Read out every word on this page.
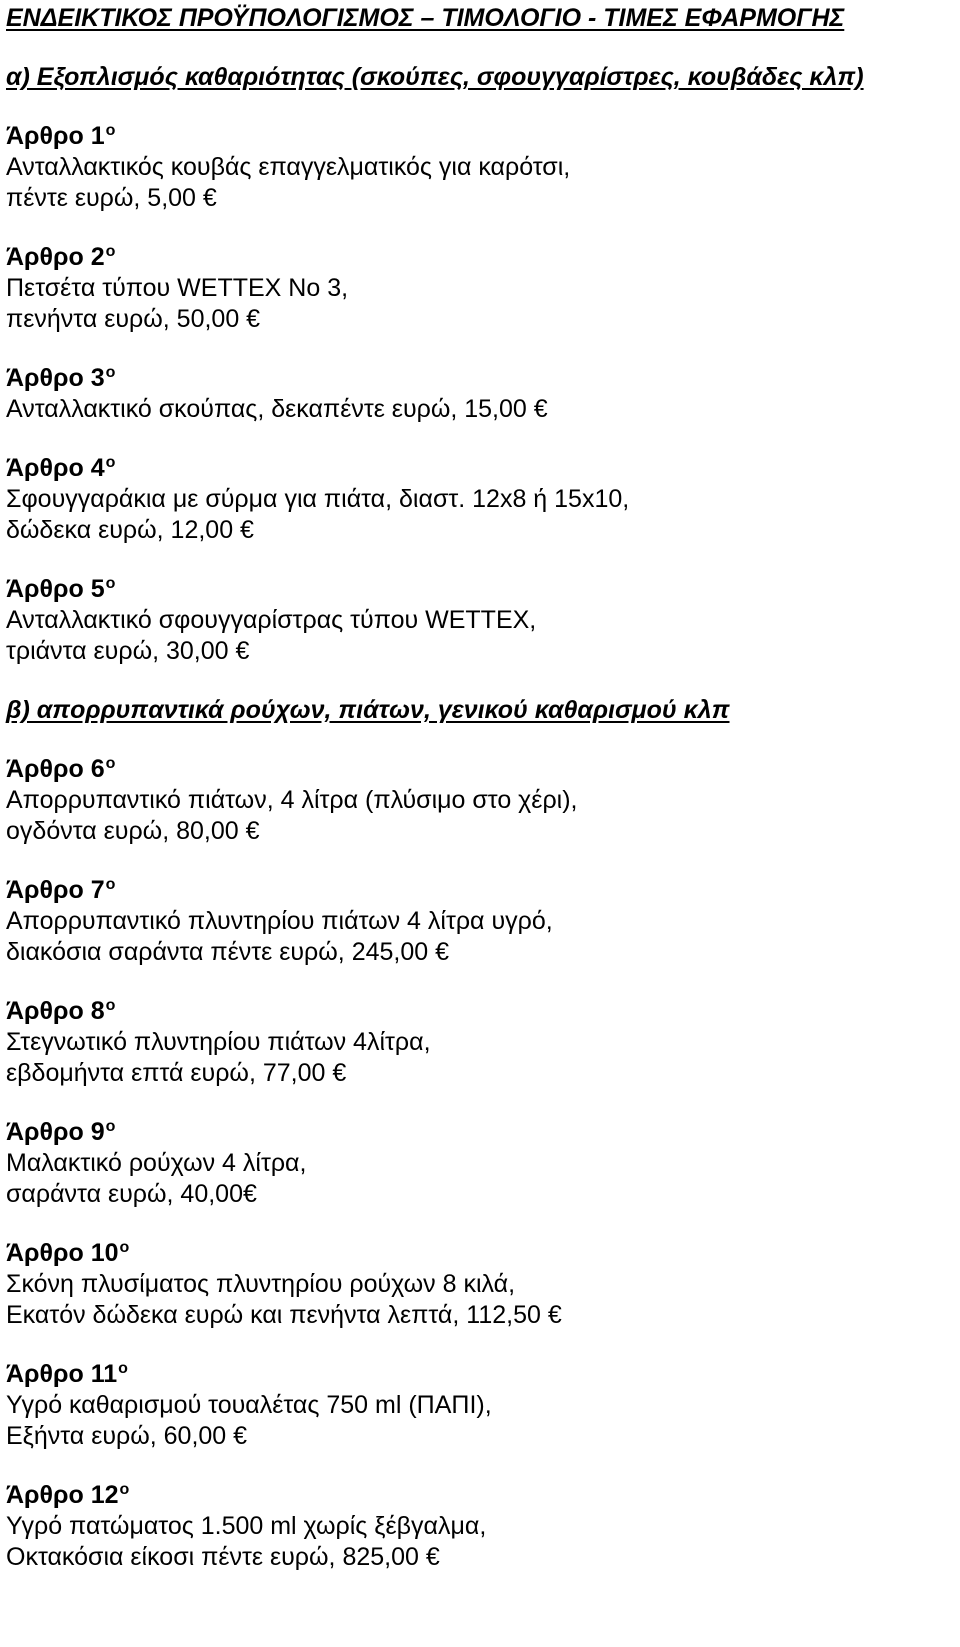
ΕΝΔΕΙΚΤΙΚΟΣ ΠΡΟΫΠΟΛΟΓΙΣΜΟΣ – ΤΙΜΟΛΟΓΙΟ - ΤΙΜΕΣ ΕΦΑΡΜΟΓΗΣ
α) Εξοπλισμός καθαριότητας (σκούπες, σφουγγαρίστρες, κουβάδες κλπ)
Άρθρο $1^o$
Ανταλλακτικός κουβάς επαγγελματικός για καρότσι,
πέντε ευρώ, 5,00 €
Άρθρο $2^o$
Πετσέτα τύπου WETTEX No 3,
πενήντα ευρώ, 50,00 €
Άρθρο $3^o$
Ανταλλακτικό σκούπας, δεκαπέντε ευρώ, 15,00 €
Άρθρο $4^o$
Σφουγγαράκια με σύρμα για πιάτα, διαστ. 12x8 ή 15x10,
δώδεκα ευρώ, 12,00 €
Άρθρο $5^o$
Ανταλλακτικό σφουγγαρίστρας τύπου WETTEX,
τριάντα ευρώ, 30,00 €
β) απορρυπαντικά ρούχων, πιάτων, γενικού καθαρισμού κλπ
Άρθρο $6^o$
Απορρυπαντικό πιάτων, 4 λίτρα (πλύσιμο στο χέρι),
ογδόντα ευρώ, 80,00 €
Άρθρο $7^o$
Απορρυπαντικό πλυντηρίου πιάτων 4 λίτρα υγρό,
διακόσια σαράντα πέντε ευρώ, 245,00 €
Άρθρο $8^o$
Στεγνωτικό πλυντηρίου πιάτων 4λίτρα,
εβδομήντα επτά ευρώ, 77,00 €
Άρθρο $9^o$
Μαλακτικό ρούχων 4 λίτρα,
σαράντα ευρώ, 40,00€
Άρθρο $10^o$
Σκόνη πλυσίματος πλυντηρίου ρούχων 8 κιλά,
Εκατόν δώδεκα ευρώ και πενήντα λεπτά, 112,50 €
Άρθρο $11^o$
Υγρό καθαρισμού τουαλέτας 750 ml (ΠΑΠΙ),
Εξήντα ευρώ, 60,00 €
Άρθρο $12^o$
Υγρό πατώματος 1.500 ml χωρίς ξέβγαλμα,
Οκτακόσια είκοσι πέντε ευρώ, 825,00 €
